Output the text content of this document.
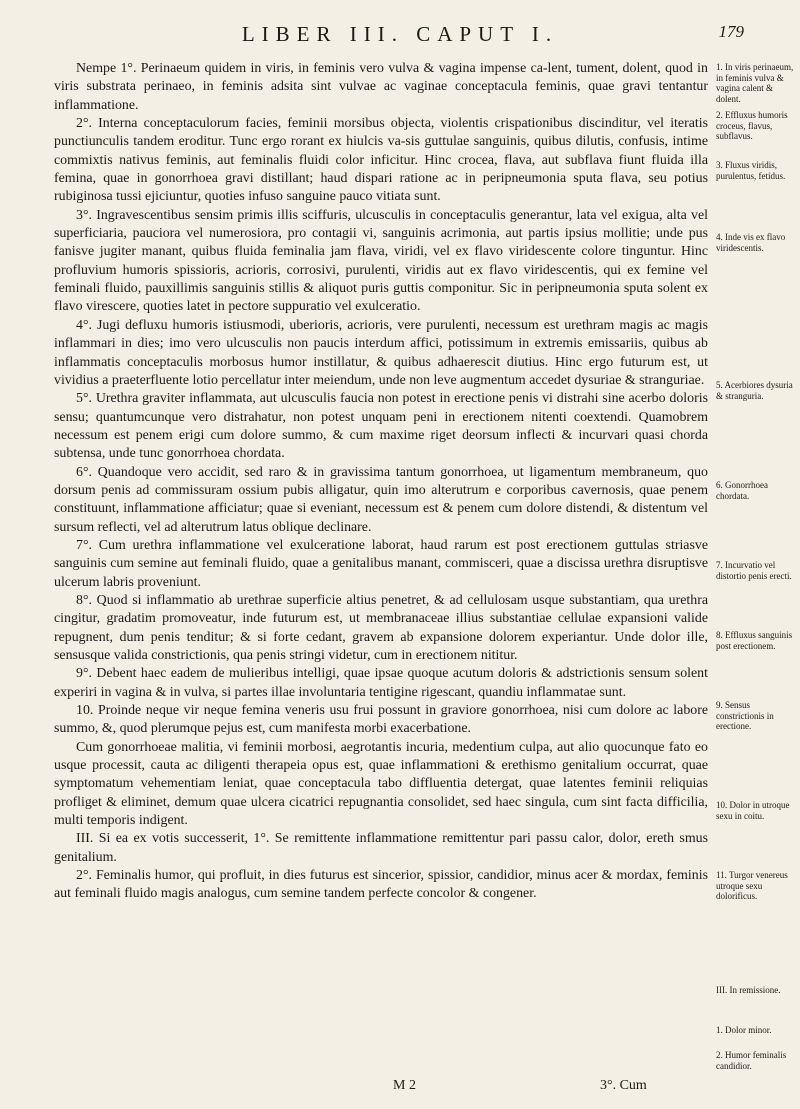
LIBER III. CAPUT I.	179

Nempe 1°. Perinaeum quidem in viris, in feminis vero vulva & vagina impense ca-lent, tument, dolent, quod in viris substrata perinaeo, in feminis adsita sint vulvae ac vaginae conceptacula feminis, quae gravi tentantur inflammatione.

2°. Interna conceptaculorum facies, feminii morsibus objecta, violentis crispationibus discinditur, vel iteratis punctiunculis tandem eroditur. Tunc ergo rorant ex hiulcis va-sis guttulae sanguinis, quibus dilutis, confusis, intime commixtis nativus feminis, aut feminalis fluidi color inficitur. Hinc crocea, flava, aut subflava fiunt fluida illa femina, quae in gonorrhoea gravi distillant; haud dispari ratione ac in peripneumonia sputa flava, seu potius rubiginosa tussi ejiciuntur, quoties infuso sanguine pauco vitiata sunt.

3°. Ingravescentibus sensim primis illis sciffuris, ulcusculis in conceptaculis generantur, lata vel exigua, alta vel superficiaria, pauciora vel numerosiora, pro contagii vi, sanguinis acrimonia, aut partis ipsius mollitie; unde pus fanisve jugiter manant, quibus fluida feminalia jam flava, viridi, vel ex flavo viridescente colore tinguntur. Hinc profluvium humoris spissioris, acrioris, corrosivi, purulenti, viridis aut ex flavo viridescentis, qui ex femine vel feminali fluido, pauxillimis sanguinis stillis & aliquot puris guttis componitur. Sic in peripneumonia sputa solent ex flavo virescere, quoties latet in pectore suppuratio vel exulceratio.

4°. Jugi defluxu humoris istiusmodi, uberioris, acrioris, vere purulenti, necessum est urethram magis ac magis inflammari in dies; imo vero ulcusculis non paucis interdum affici, potissimum in extremis emissariis, quibus ab inflammatis conceptaculis morbosus humor instillatur, & quibus adhaerescit diutius. Hinc ergo futurum est, ut vividius a praeterfluente lotio percellatur inter meiendum, unde non leve augmentum accedet dysuriae & stranguriae.

5°. Urethra graviter inflammata, aut ulcusculis faucia non potest in erectione penis vi distrahi sine acerbo doloris sensu; quantumcunque vero distrahatur, non potest unquam peni in erectionem nitenti coextendi. Quamobrem necessum est penem erigi cum dolore summo, & cum maxime riget deorsum inflecti & incurvari quasi chorda subtensa, unde tunc gonorrhoea chordata.

6°. Quandoque vero accidit, sed raro & in gravissima tantum gonorrhoea, ut ligamentum membraneum, quo dorsum penis ad commissuram ossium pubis alligatur, quin imo alterutrum e corporibus cavernosis, quae penem constituunt, inflammatione afficiatur; quae si eveniant, necessum est & penem cum dolore distendi, & distentum vel sursum reflecti, vel ad alterutrum latus oblique declinare.

7°. Cum urethra inflammatione vel exulceratione laborat, haud rarum est post erectionem guttulas striasve sanguinis cum semine aut feminali fluido, quae a genitalibus manant, commisceri, quae a discissa urethra disruptisve ulcerum labris proveniunt.

8°. Quod si inflammatio ab urethrae superficie altius penetret, & ad cellulosam usque substantiam, qua urethra cingitur, gradatim promoveatur, inde futurum est, ut membranaceae illius substantiae cellulae expansioni valide repugnent, dum penis tenditur; & si forte cedant, gravem ab expansione dolorem experiantur. Unde dolor ille, sensusque valida constrictionis, qua penis stringi videtur, cum in erectionem nititur.

9°. Debent haec eadem de mulieribus intelligi, quae ipsae quoque acutum doloris & adstrictionis sensum solent experiri in vagina & in vulva, si partes illae involuntaria tentigine rigescant, quandiu inflammatae sunt.

10. Proinde neque vir neque femina veneris usu frui possunt in graviore gonorrhoea, nisi cum dolore ac labore summo, &, quod plerumque pejus est, cum manifesta morbi exacerbatione.

Cum gonorrhoeae malitia, vi feminii morbosi, aegrotantis incuria, medentium culpa, aut alio quocunque fato eo usque processit, cauta ac diligenti therapeia opus est, quae inflammationi & erethismo genitalium occurrat, quae symptomatum vehementiam leniat, quae conceptacula tabo diffluentia detergat, quae latentes feminii reliquias profliget & eliminet, demum quae ulcera cicatrici repugnantia consolidet, sed haec singula, cum sint facta difficilia, multi temporis indigent.

III. Si ea ex votis successerit, 1°. Se remittente inflammatione remittentur pari passu calor, dolor, ereth smus genitalium.

2°. Feminalis humor, qui profluit, in dies futurus est sincerior, spissior, candidior, minus acer & mordax, feminis aut feminali fluido magis analogus, cum semine tandem perfecte concolor & congener.

1. In viris perinaeum, in feminis vulva & vagina calent & dolent.
2. Effluxus humoris croceus, flavus, subflavus.
3. Fluxus viridis, purulentus, fetidus.
4. Inde vis ex flavo viridescentis.
5. Acerbiores dysuria & stranguria.
6. Gonorrhoea chordata.
7. Incurvatio vel distortio penis erecti.
8. Effluxus sanguinis post erectionem.
9. Sensus constrictionis in erectione.
10. Dolor in utroque sexu in coitu.
11. Turgor venereus utroque sexu dolorificus.
III. In remissione.
1. Dolor minor.
2. Humor feminalis candidior.
M 2	3°. Cum
